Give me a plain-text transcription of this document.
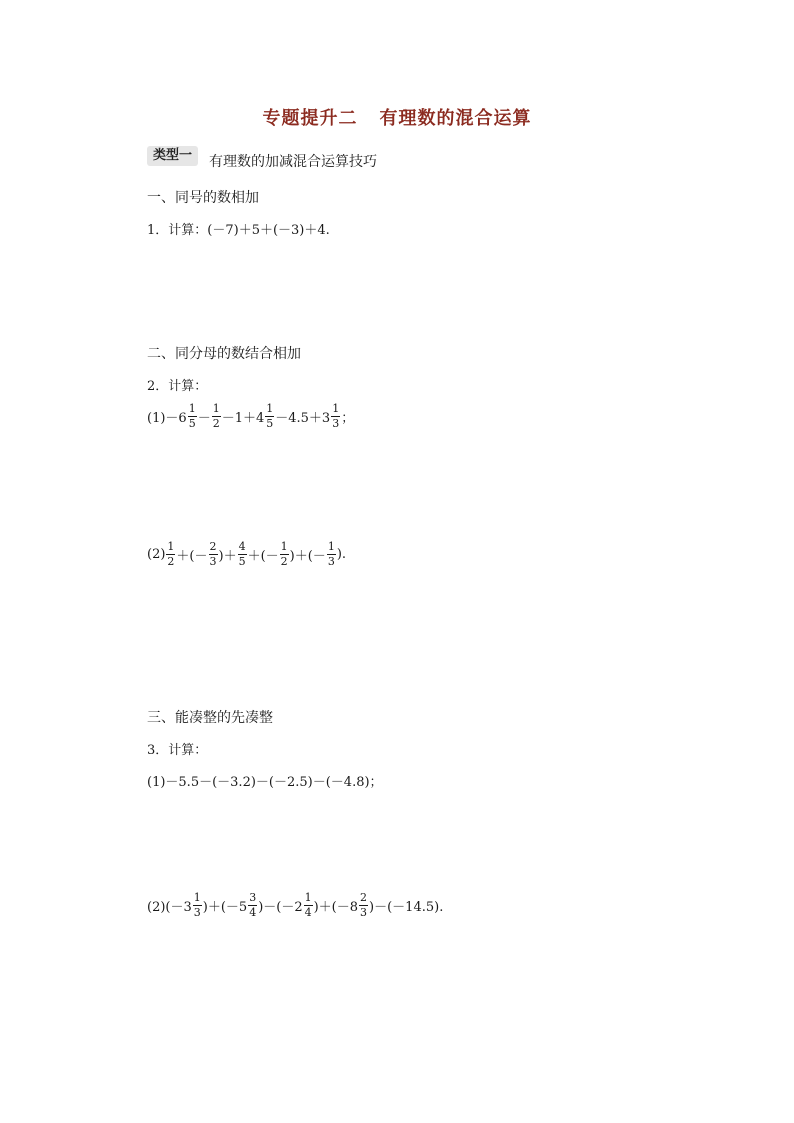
专题提升二 有理数的混合运算
类型一	有理数的加减混合运算技巧
一、同号的数相加
1．计算：(－7)＋5＋(－3)＋4.
二、同分母的数结合相加
2．计算：
$(1)-6 \frac{1}{5} - \frac{1}{2} -1+4 \frac{1}{5} -4.5+3 \frac{1}{3}$ ；
$(2) \frac{1}{2}$ ＋(－ $\frac{2}{3}$ )＋ $\frac{4}{5}$ ＋(－ $\frac{1}{2}$ )＋(－ $\frac{1}{3}$ ).
三、能凑整的先凑整
3．计算：
(1)－5.5－(－3.2)－(－2.5)－(－4.8)；
$(2)(-3 \frac{1}{3} )+(-5 \frac{3}{4} )-(-2 \frac{1}{4} )+(-8 \frac{2}{3} )-(-14.5)$.
